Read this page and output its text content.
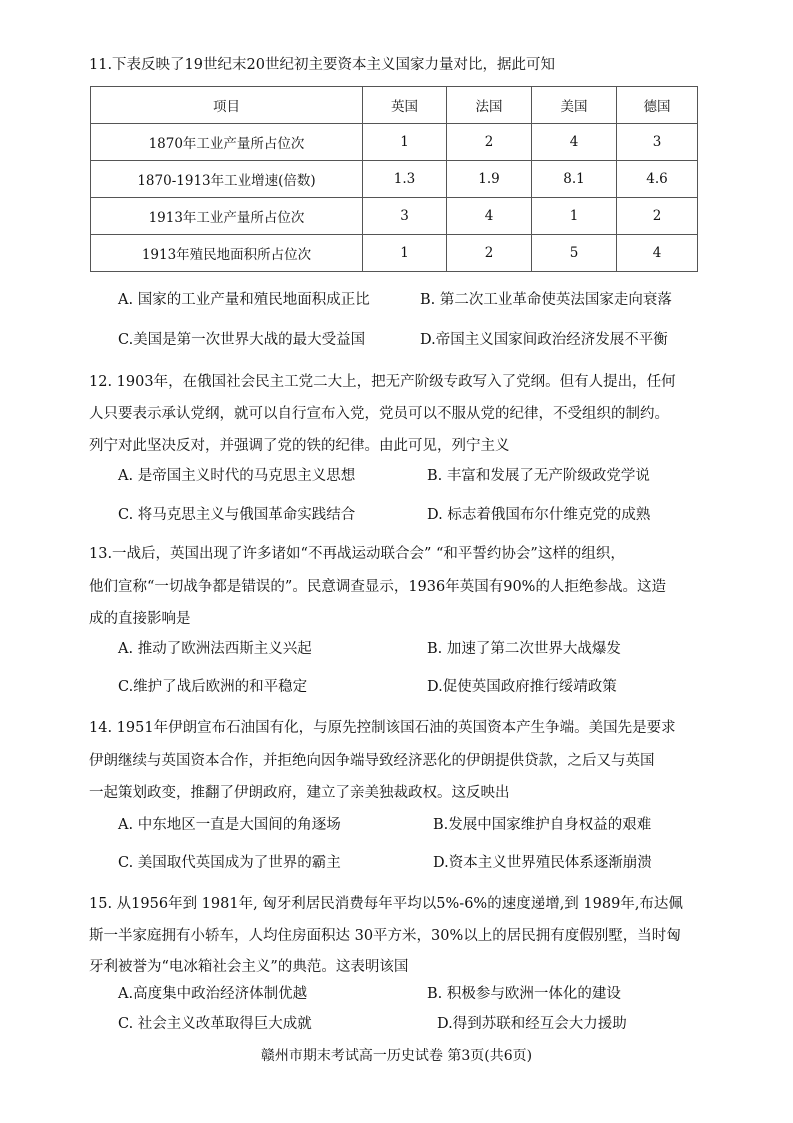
11.下表反映了19世纪末20世纪初主要资本主义国家力量对比，据此可知
项目	英国	法国	美国	德国
1870年工业产量所占位次	1	2	4	3
1870-1913年工业增速(倍数)	1.3	1.9	8.1	4.6
1913年工业产量所占位次	3	4	1	2
1913年殖民地面积所占位次	1	2	5	4
A. 国家的工业产量和殖民地面积成正比	B. 第二次工业革命使英法国家走向衰落
C.美国是第一次世界大战的最大受益国	D.帝国主义国家间政治经济发展不平衡
12. 1903年，在俄国社会民主工党二大上，把无产阶级专政写入了党纲。但有人提出，任何
人只要表示承认党纲，就可以自行宣布入党，党员可以不服从党的纪律，不受组织的制约。
列宁对此坚决反对，并强调了党的铁的纪律。由此可见，列宁主义
A. 是帝国主义时代的马克思主义思想	B. 丰富和发展了无产阶级政党学说
C. 将马克思主义与俄国革命实践结合	D. 标志着俄国布尔什维克党的成熟
13.一战后，英国出现了许多诸如“不再战运动联合会” “和平誓约协会”这样的组织，
他们宣称“一切战争都是错误的”。民意调查显示，1936年英国有90%的人拒绝参战。这造
成的直接影响是
A. 推动了欧洲法西斯主义兴起	B. 加速了第二次世界大战爆发
C.维护了战后欧洲的和平稳定	D.促使英国政府推行绥靖政策
14. 1951年伊朗宣布石油国有化，与原先控制该国石油的英国资本产生争端。美国先是要求
伊朗继续与英国资本合作，并拒绝向因争端导致经济恶化的伊朗提供贷款，之后又与英国
一起策划政变，推翻了伊朗政府，建立了亲美独裁政权。这反映出
A. 中东地区一直是大国间的角逐场	B.发展中国家维护自身权益的艰难
C. 美国取代英国成为了世界的霸主	D.资本主义世界殖民体系逐渐崩溃
15. 从1956年到 1981年, 匈牙利居民消费每年平均以5%-6%的速度递增,到 1989年,布达佩
斯一半家庭拥有小轿车，人均住房面积达 30平方米，30%以上的居民拥有度假别墅，当时匈
牙利被誉为“电冰箱社会主义”的典范。这表明该国
A.高度集中政治经济体制优越	B. 积极参与欧洲一体化的建设
C. 社会主义改革取得巨大成就	D.得到苏联和经互会大力援助
赣州市期末考试高一历史试卷 第3页(共6页)
